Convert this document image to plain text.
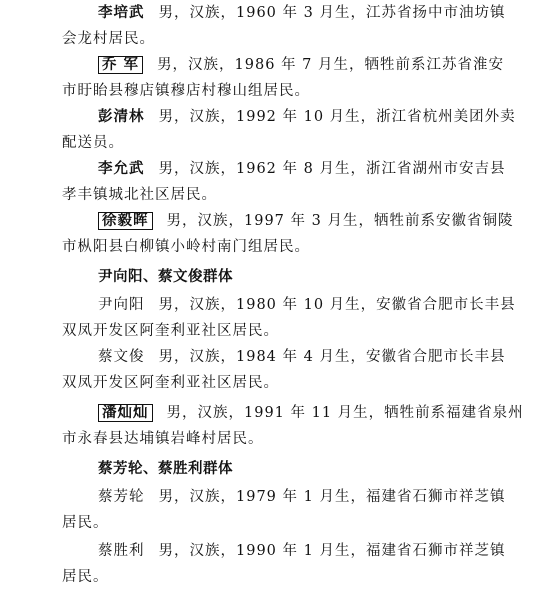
李培武 男，汉族，1960 年 3 月生，江苏省扬中市油坊镇
会龙村居民。
乔 军 男，汉族，1986 年 7 月生，牺牲前系江苏省淮安
市盱眙县穆店镇穆店村穆山组居民。
彭清林 男，汉族，1992 年 10 月生，浙江省杭州美团外卖
配送员。
李允武 男，汉族，1962 年 8 月生，浙江省湖州市安吉县
孝丰镇城北社区居民。
徐毅晖 男，汉族，1997 年 3 月生，牺牲前系安徽省铜陵
市枞阳县白柳镇小岭村南门组居民。
尹向阳、蔡文俊群体
尹向阳 男，汉族，1980 年 10 月生，安徽省合肥市长丰县
双凤开发区阿奎利亚社区居民。
蔡文俊 男，汉族，1984 年 4 月生，安徽省合肥市长丰县
双凤开发区阿奎利亚社区居民。
潘灿灿 男，汉族，1991 年 11 月生，牺牲前系福建省泉州
市永春县达埔镇岩峰村居民。
蔡芳轮、蔡胜利群体
蔡芳轮 男，汉族，1979 年 1 月生，福建省石狮市祥芝镇
居民。
蔡胜利 男，汉族，1990 年 1 月生，福建省石狮市祥芝镇
居民。
